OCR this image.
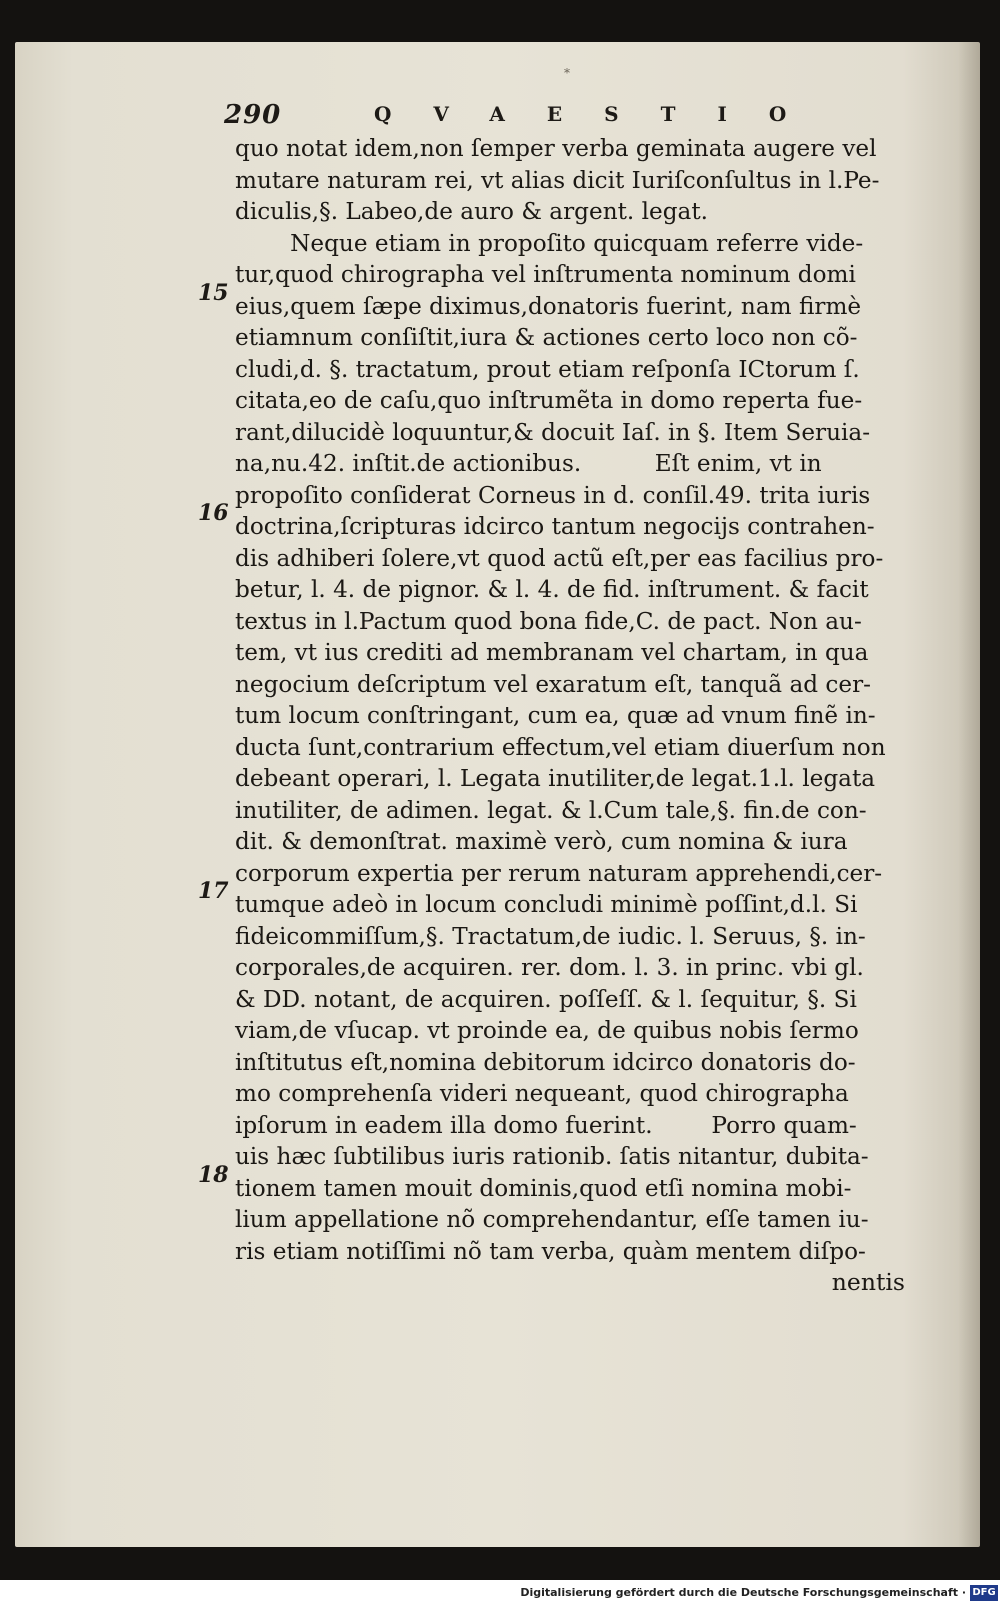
*
290	QVAESTIO
15
16
17
18
quo notat idem,non ſemper verba geminata augere vel
mutare naturam rei, vt alias dicit Iuriſconſultus in l.Pe-
diculis,§. Labeo,de auro & argent. legat.
Neque etiam in propoſito quicquam referre vide-
tur,quod chirographa vel inſtrumenta nominum domi
eius,quem ſæpe diximus,donatoris fuerint, nam firmè
etiamnum conſiſtit,iura & actiones certo loco non cõ-
cludi,d. §. tractatum, prout etiam reſponſa ICtorum ſ.
citata,eo de caſu,quo inſtrumẽta in domo reperta fue-
rant,dilucidè loquuntur,& docuit Iaſ. in §. Item Seruia-
na,nu.42. inſtit.de actionibus.          Eſt enim, vt in
propoſito conſiderat Corneus in d. conſil.49. trita iuris
doctrina,ſcripturas idcirco tantum negocijs contrahen-
dis adhiberi ſolere,vt quod actũ eſt,per eas facilius pro-
betur, l. 4. de pignor. & l. 4. de fid. inſtrument. & facit
textus in l.Pactum quod bona fide,C. de pact. Non au-
tem, vt ius crediti ad membranam vel chartam, in qua
negocium deſcriptum vel exaratum eſt, tanquã ad cer-
tum locum conſtringant, cum ea, quæ ad vnum finẽ in-
ducta ſunt,contrarium effectum,vel etiam diuerſum non
debeant operari, l. Legata inutiliter,de legat.1.l. legata
inutiliter, de adimen. legat. & l.Cum tale,§. fin.de con-
dit. & demonſtrat. maximè verò, cum nomina & iura
corporum expertia per rerum naturam apprehendi,cer-
tumque adeò in locum concludi minimè poſſint,d.l. Si
fideicommiſſum,§. Tractatum,de iudic. l. Seruus, §. in-
corporales,de acquiren. rer. dom. l. 3. in princ. vbi gl.
& DD. notant, de acquiren. poſſeſſ. & l. ſequitur, §. Si
viam,de vſucap. vt proinde ea, de quibus nobis ſermo
inſtitutus eſt,nomina debitorum idcirco donatoris do-
mo comprehenſa videri nequeant, quod chirographa
ipſorum in eadem illa domo fuerint.        Porro quam-
uis hæc ſubtilibus iuris rationib. ſatis nitantur, dubita-
tionem tamen mouit dominis,quod etſi nomina mobi-
lium appellatione nõ comprehendantur, eſſe tamen iu-
ris etiam notiſſimi nõ tam verba, quàm mentem diſpo-
nentis
Digitalisierung gefördert durch die Deutsche Forschungsgemeinschaft · DFG
